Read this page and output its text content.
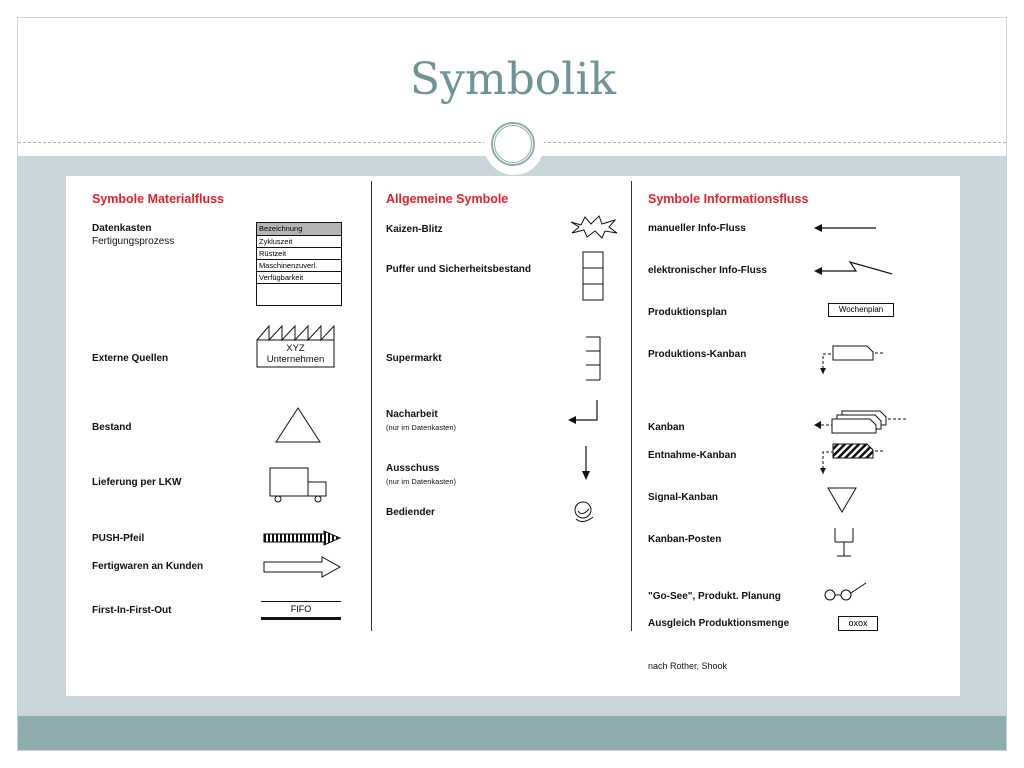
Symbolik
Symbole Materialfluss
Datenkasten
Fertigungsprozess
Bezeichnung
Zykluszeit
Rüstzeit
Maschinenzuverl.
Verfügbarkeit
Externe Quellen
XYZ
Unternehmen
Bestand
Lieferung per LKW
PUSH-Pfeil
Fertigwaren an Kunden
First-In-First-Out	FIFO
Allgemeine Symbole
Kaizen-Blitz
Puffer und Sicherheitsbestand
Supermarkt
Nacharbeit
(nur im Datenkasten)
Ausschuss
(nur im Datenkasten)
Bediender
Symbole Informationsfluss
manueller Info-Fluss
elektronischer Info-Fluss
Produktionsplan	Wochenplan
Produktions-Kanban
Kanban
Entnahme-Kanban
Signal-Kanban
Kanban-Posten
"Go-See", Produkt. Planung
Ausgleich Produktionsmenge	oxox
nach Rother, Shook
